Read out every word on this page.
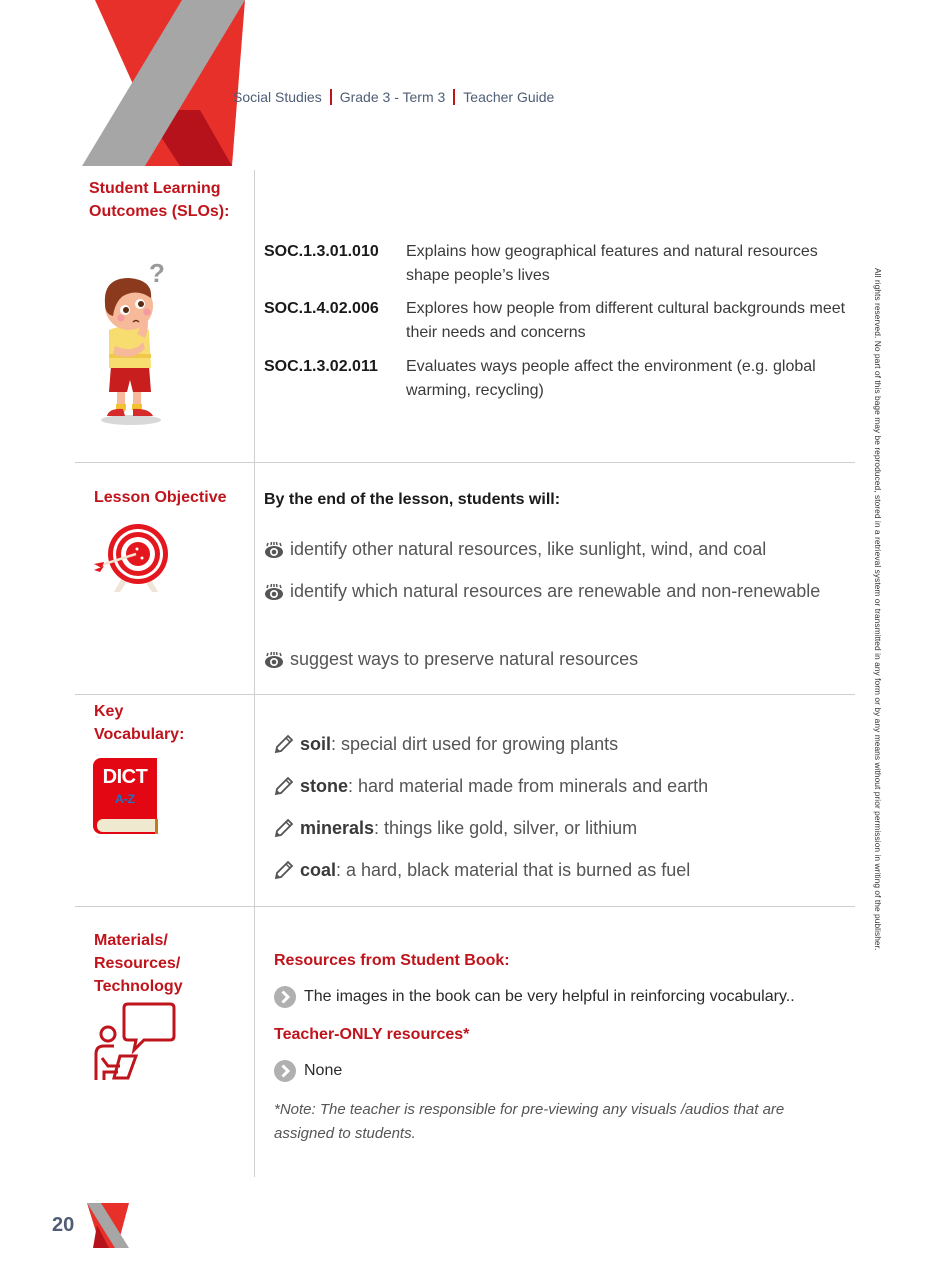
Social Studies Grade 3 - Term 3 Teacher Guide
Student Learning
Outcomes (SLOs):
?
SOC.1.3.01.010	Explains how geographical features and natural resources shape people’s lives
SOC.1.4.02.006	Explores how people from different cultural backgrounds meet their needs and concerns
SOC.1.3.02.011	Evaluates ways people affect the environment (e.g. global warming, recycling)
Lesson Objective By the end of the lesson, students will:
identify other natural resources, like sunlight, wind, and coal
identify which natural resources are renewable and non-renewable
suggest ways to preserve natural resources
Key
Vocabulary:
DICT
A-Z
soil: special dirt used for growing plants
stone: hard material made from minerals and earth
minerals: things like gold, silver, or lithium
coal: a hard, black material that is burned as fuel
Materials/
Resources/
Technology
Resources from Student Book:
The images in the book can be very helpful in reinforcing vocabulary..
Teacher-ONLY resources*
None
*Note: The teacher is responsible for pre-viewing any visuals /audios that are assigned to students.
All rights reserved. No part of this bage may be reproduced, stored in a retrieval system or transmitted in any form or by any means without prior permission in writing of the publisher.
20
